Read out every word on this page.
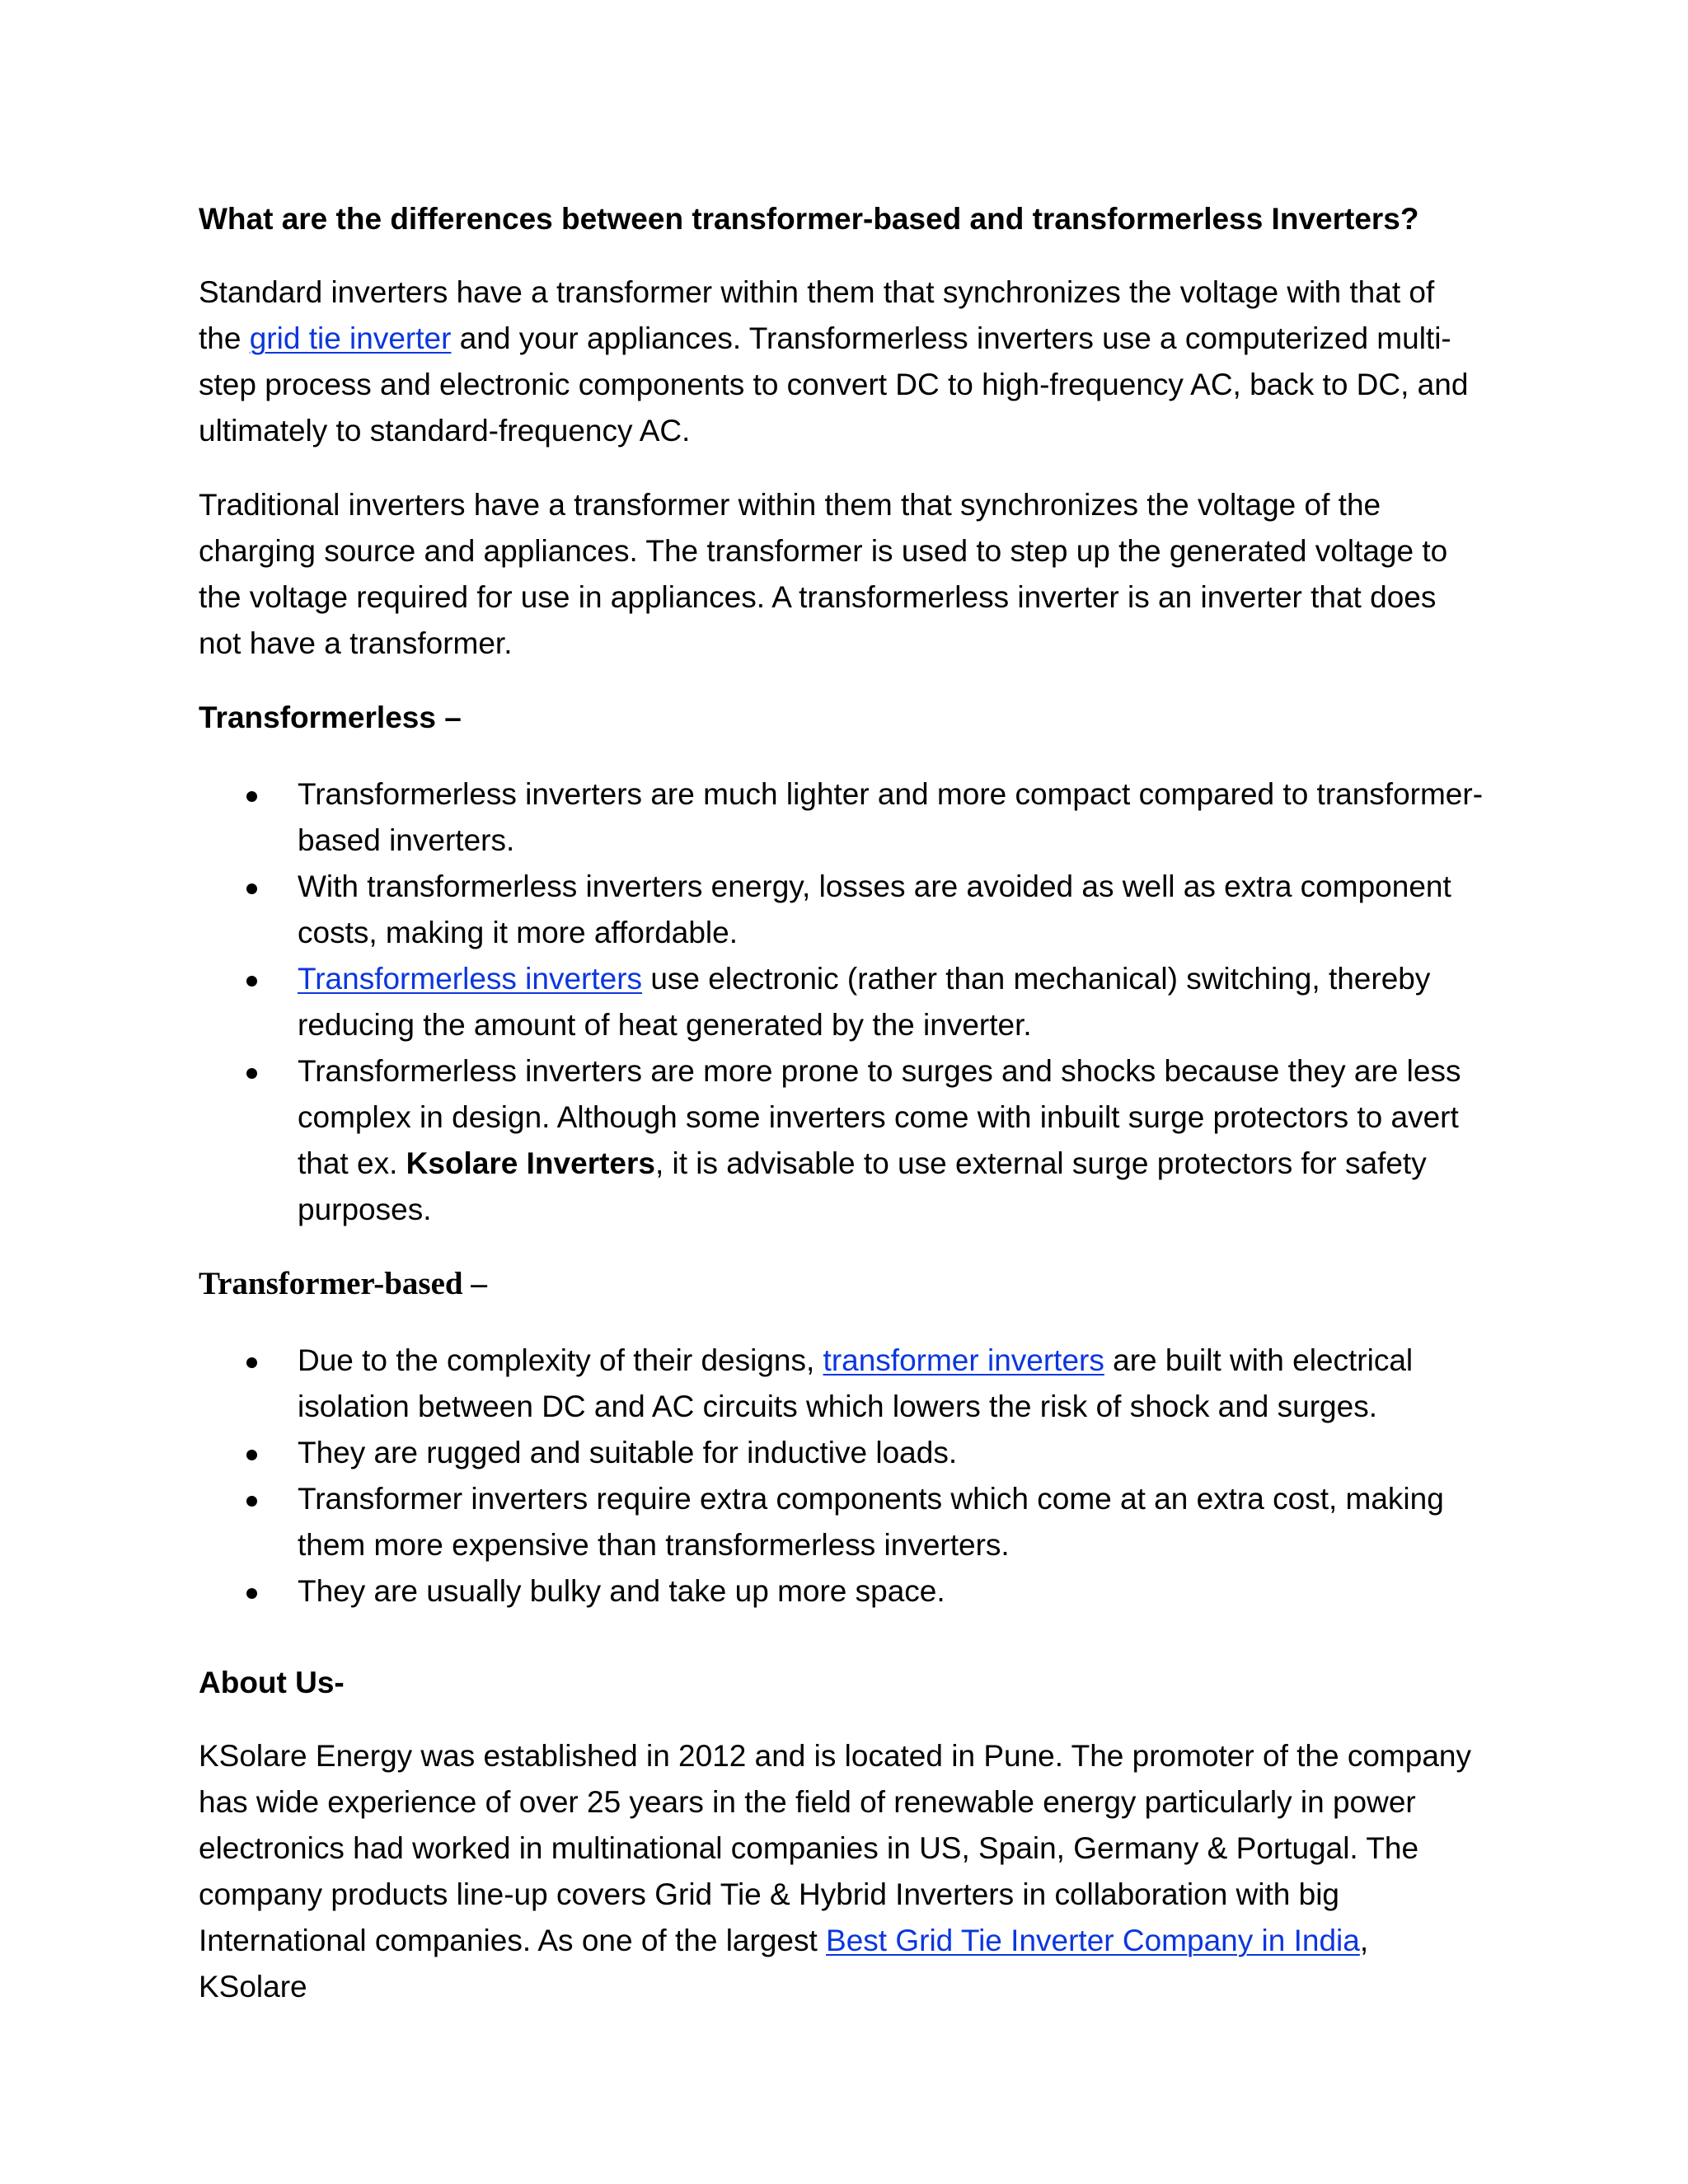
What are the differences between transformer-based and transformerless Inverters?

Standard inverters have a transformer within them that synchronizes the voltage with that of the grid tie inverter and your appliances. Transformerless inverters use a computerized multi-step process and electronic components to convert DC to high-frequency AC, back to DC, and ultimately to standard-frequency AC.

Traditional inverters have a transformer within them that synchronizes the voltage of the charging source and appliances. The transformer is used to step up the generated voltage to the voltage required for use in appliances. A transformerless inverter is an inverter that does not have a transformer.

Transformerless –

Transformerless inverters are much lighter and more compact compared to transformer-based inverters.
With transformerless inverters energy, losses are avoided as well as extra component costs, making it more affordable.
Transformerless inverters use electronic (rather than mechanical) switching, thereby reducing the amount of heat generated by the inverter.
Transformerless inverters are more prone to surges and shocks because they are less complex in design. Although some inverters come with inbuilt surge protectors to avert that ex. Ksolare Inverters, it is advisable to use external surge protectors for safety purposes.

Transformer-based –

Due to the complexity of their designs, transformer inverters are built with electrical isolation between DC and AC circuits which lowers the risk of shock and surges.
They are rugged and suitable for inductive loads.
Transformer inverters require extra components which come at an extra cost, making them more expensive than transformerless inverters.
They are usually bulky and take up more space.

About Us-

KSolare Energy was established in 2012 and is located in Pune. The promoter of the company has wide experience of over 25 years in the field of renewable energy particularly in power electronics had worked in multinational companies in US, Spain, Germany & Portugal. The company products line-up covers Grid Tie & Hybrid Inverters in collaboration with big International companies. As one of the largest Best Grid Tie Inverter Company in India, KSolare
